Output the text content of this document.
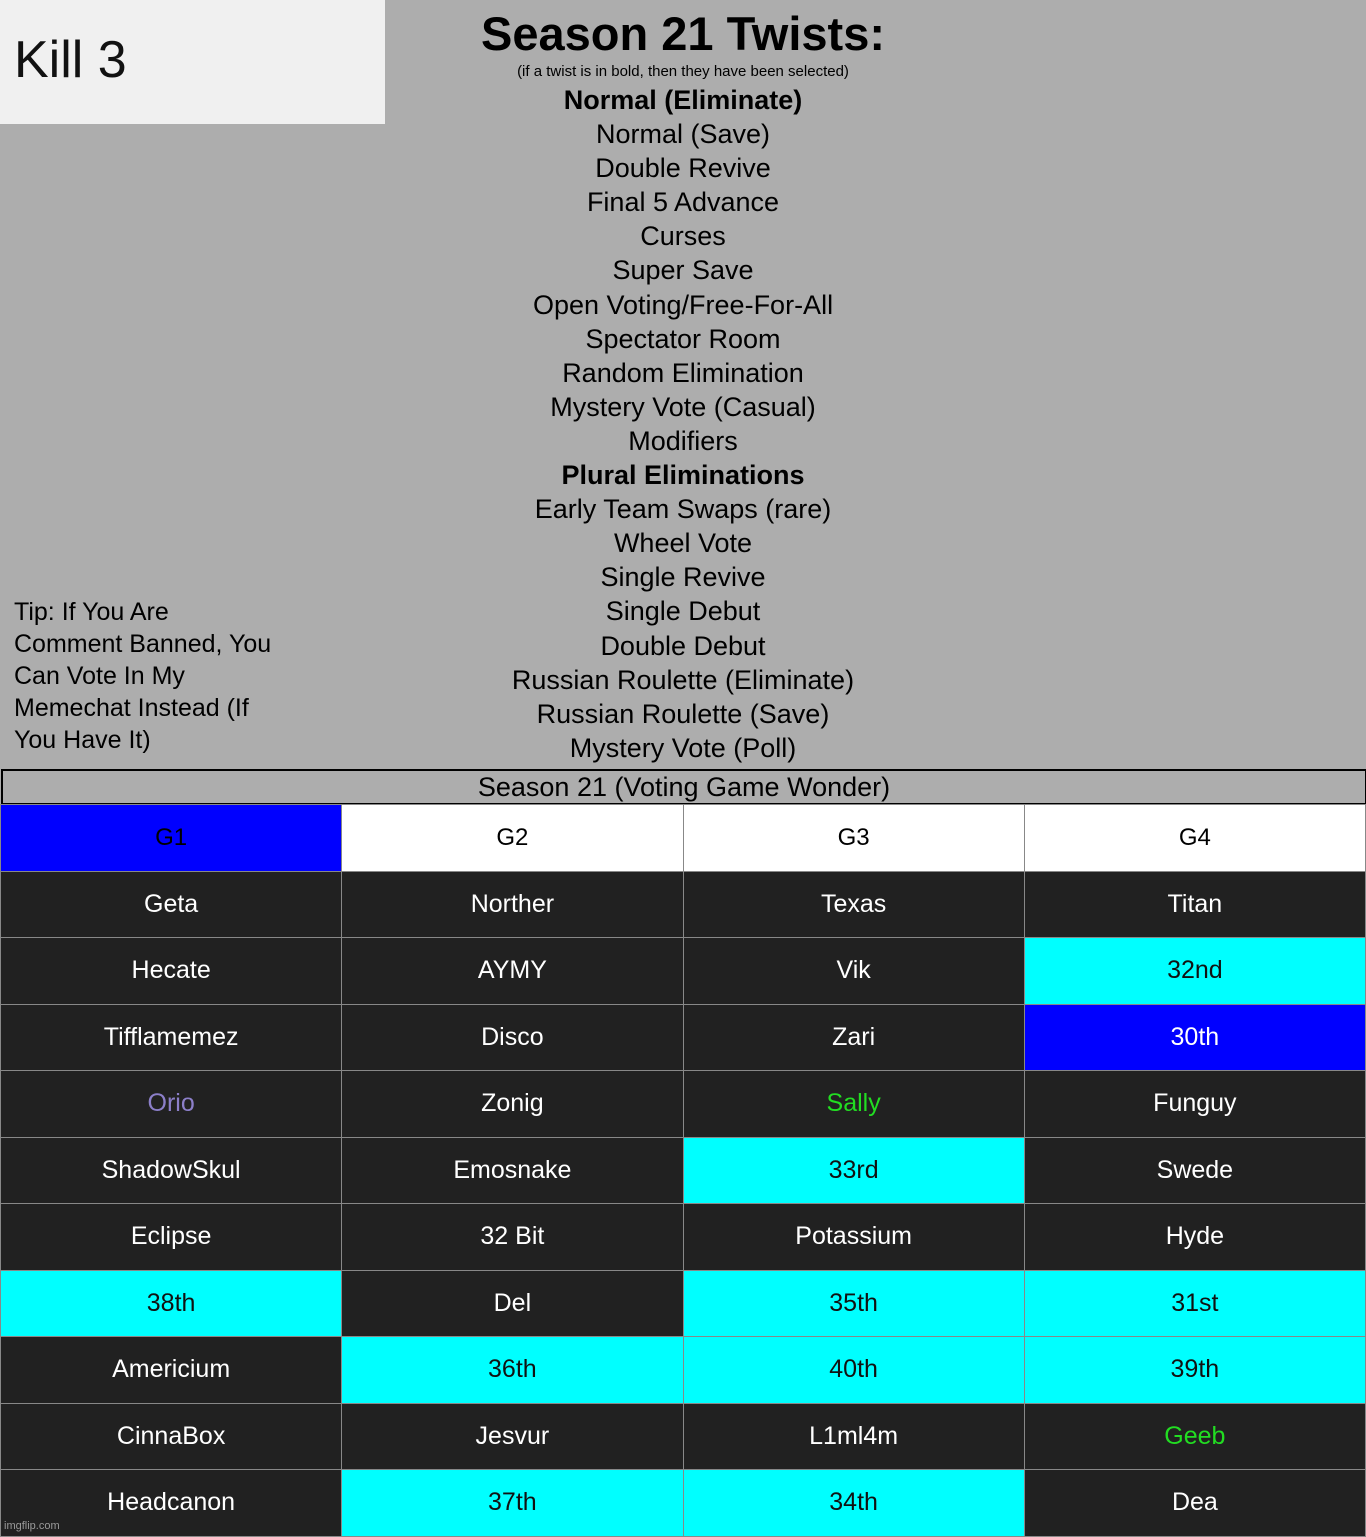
Kill 3	Season 21 Twists:
(if a twist is in bold, then they have been selected)
Normal (Eliminate)
Normal (Save)
Double Revive
Final 5 Advance
Curses
Super Save
Open Voting/Free-For-All
Spectator Room
Random Elimination
Mystery Vote (Casual)
Modifiers
Plural Eliminations
Early Team Swaps (rare)
Wheel Vote
Single Revive
Single Debut
Double Debut
Russian Roulette (Eliminate)
Russian Roulette (Save)
Mystery Vote (Poll)
Tip: If You Are Comment Banned, You Can Vote In My Memechat Instead (If You Have It)
Season 21 (Voting Game Wonder)
G1	G2	G3	G4
Geta	Norther	Texas	Titan
Hecate	AYMY	Vik	32nd
Tifflamemez	Disco	Zari	30th
Orio	Zonig	Sally	Funguy
ShadowSkul	Emosnake	33rd	Swede
Eclipse	32 Bit	Potassium	Hyde
38th	Del	35th	31st
Americium	36th	40th	39th
CinnaBox	Jesvur	L1ml4m	Geeb
Headcanon	37th	34th	Dea
imgflip.com
